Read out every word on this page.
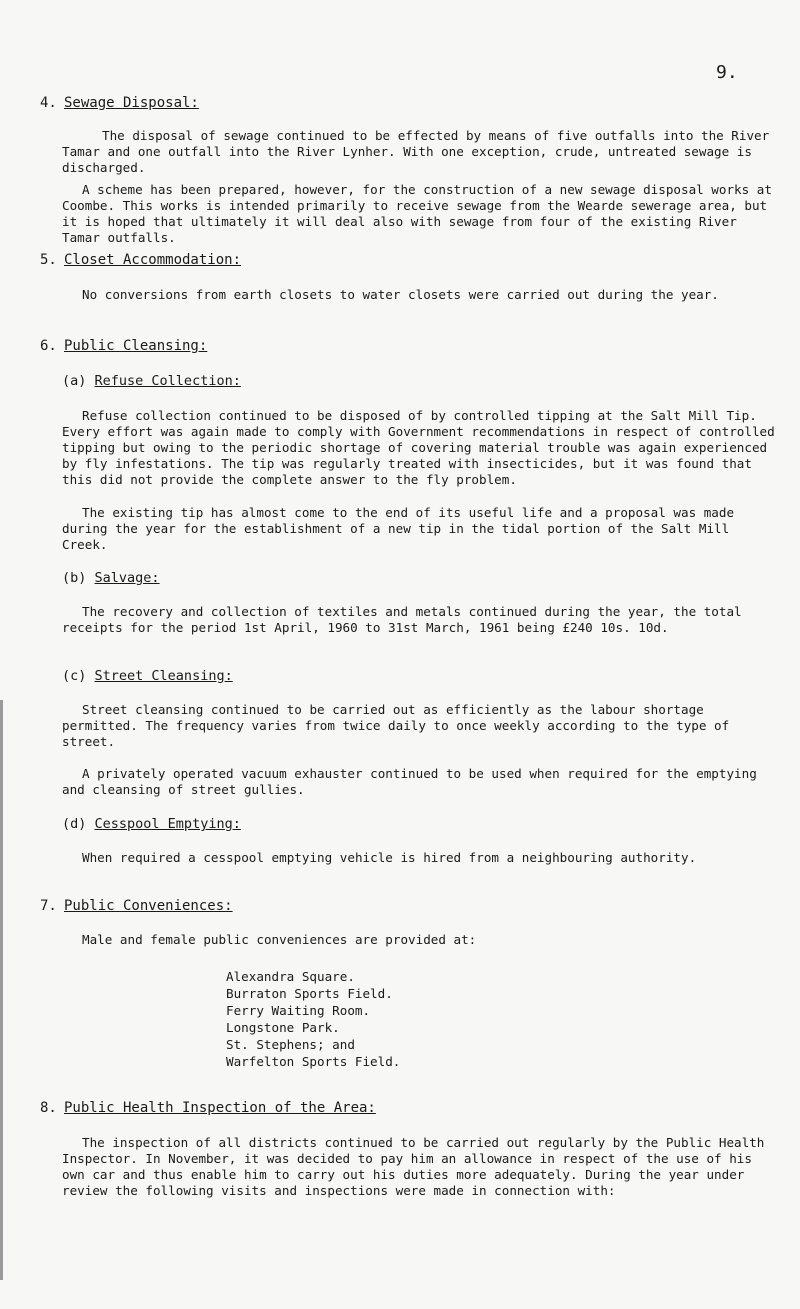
9.
4. Sewage Disposal:
The disposal of sewage continued to be effected by means of five outfalls into the River Tamar and one outfall into the River Lynher. With one exception, crude, untreated sewage is discharged.
A scheme has been prepared, however, for the construction of a new sewage disposal works at Coombe. This works is intended primarily to receive sewage from the Wearde sewerage area, but it is hoped that ultimately it will deal also with sewage from four of the existing River Tamar outfalls.
5. Closet Accommodation:
No conversions from earth closets to water closets were carried out during the year.
6. Public Cleansing:
(a) Refuse Collection:
Refuse collection continued to be disposed of by controlled tipping at the Salt Mill Tip. Every effort was again made to comply with Government recommendations in respect of controlled tipping but owing to the periodic shortage of covering material trouble was again experienced by fly infestations. The tip was regularly treated with insecticides, but it was found that this did not provide the complete answer to the fly problem.
The existing tip has almost come to the end of its useful life and a proposal was made during the year for the establishment of a new tip in the tidal portion of the Salt Mill Creek.
(b) Salvage:
The recovery and collection of textiles and metals continued during the year, the total receipts for the period 1st April, 1960 to 31st March, 1961 being £240 10s. 10d.
(c) Street Cleansing:
Street cleansing continued to be carried out as efficiently as the labour shortage permitted. The frequency varies from twice daily to once weekly according to the type of street.
A privately operated vacuum exhauster continued to be used when required for the emptying and cleansing of street gullies.
(d) Cesspool Emptying:
When required a cesspool emptying vehicle is hired from a neighbouring authority.
7. Public Conveniences:
Male and female public conveniences are provided at:
Alexandra Square.
Burraton Sports Field.
Ferry Waiting Room.
Longstone Park.
St. Stephens; and
Warfelton Sports Field.
8. Public Health Inspection of the Area:
The inspection of all districts continued to be carried out regularly by the Public Health Inspector. In November, it was decided to pay him an allowance in respect of the use of his own car and thus enable him to carry out his duties more adequately. During the year under review the following visits and inspections were made in connection with:
